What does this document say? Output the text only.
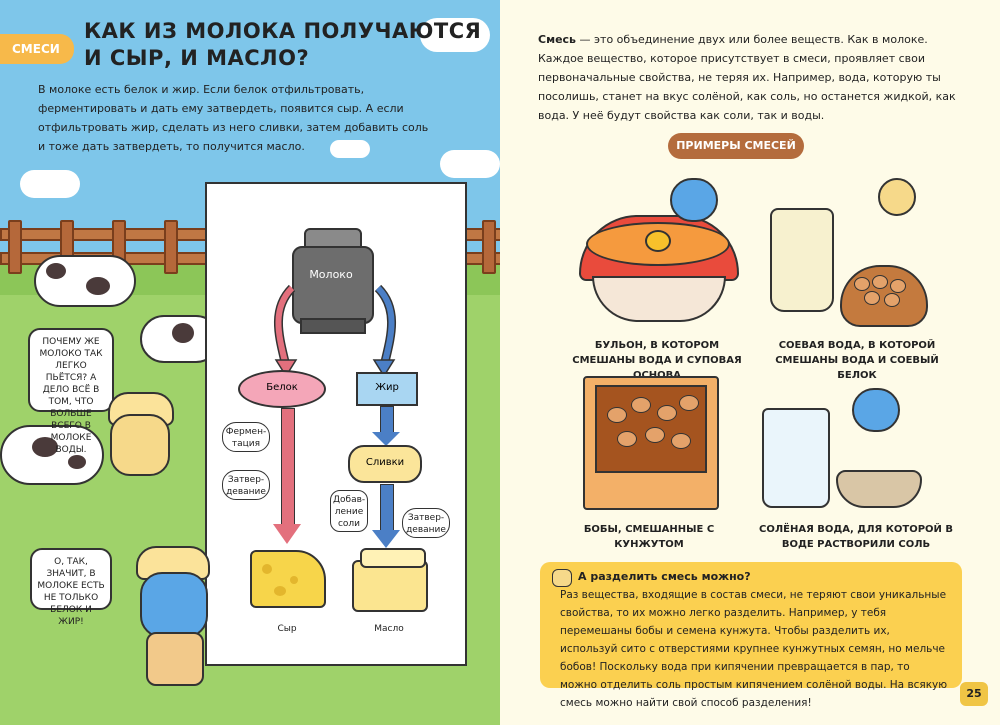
СМЕСИ
КАК ИЗ МОЛОКА ПОЛУЧАЮТСЯ
И СЫР, И МАСЛО?
В молоке есть белок и жир. Если белок отфильтровать, ферментировать и дать ему затвердеть, появится сыр. А если отфильтровать жир, сделать из него сливки, затем добавить соль и тоже дать затвердеть, то получится масло.
Молоко
Белок	Жир
Сливки
Фермен-тация
Затвер-девание
Добав-ление соли
Затвер-девание
Сыр	Масло
ПОЧЕМУ ЖЕ МОЛОКО ТАК ЛЕГКО ПЬЁТСЯ? А ДЕЛО ВСЁ В ТОМ, ЧТО БОЛЬШЕ ВСЕГО В МОЛОКЕ ВОДЫ.
О, ТАК, ЗНАЧИТ, В МОЛОКЕ ЕСТЬ НЕ ТОЛЬКО БЕЛОК И ЖИР!
Смесь — это объединение двух или более веществ. Как в молоке. Каждое вещество, которое присутствует в смеси, проявляет свои первоначальные свойства, не теряя их. Например, вода, которую ты посолишь, станет на вкус солёной, как соль, но останется жидкой, как вода. У неё будут свойства как соли, так и воды.
ПРИМЕРЫ СМЕСЕЙ
БУЛЬОН, В КОТОРОМ СМЕШАНЫ ВОДА И СУПОВАЯ
СОЕВАЯ ВОДА, В КОТОРОЙ СМЕШАНЫ ВОДА И СОЕВЫЙ БЕЛОК
БОБЫ, СМЕШАННЫЕ С КУНЖУТОМ
СОЛЁНАЯ ВОДА, ДЛЯ КОТОРОЙ В ВОДЕ РАСТВОРИЛИ СОЛЬ
А разделить смесь можно?
Раз вещества, входящие в состав смеси, не теряют свои уникальные свойства, то их можно легко разделить. Например, у тебя перемешаны бобы и семена кунжута. Чтобы разделить их, используй сито с отверстиями крупнее кунжутных семян, но мельче бобов! Поскольку вода при кипячении превращается в пар, то можно отделить соль простым кипячением солёной воды. На всякую смесь можно найти свой способ разделения!
25
